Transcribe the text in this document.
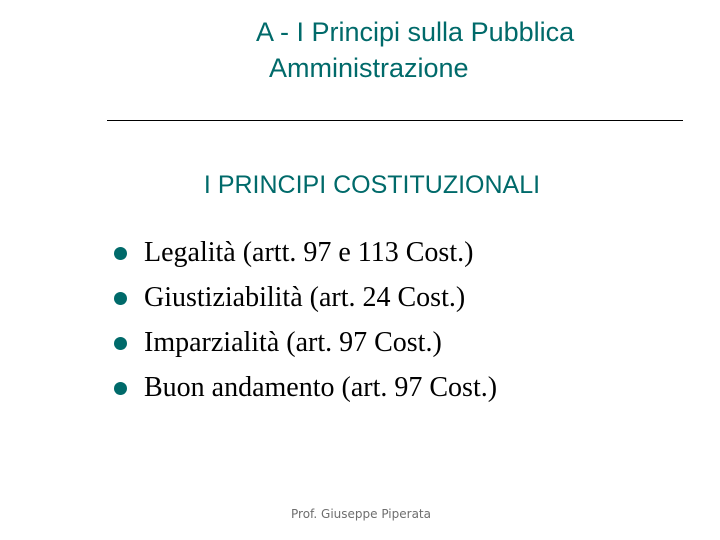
A - I Principi sulla Pubblica
Amministrazione
I PRINCIPI COSTITUZIONALI
Legalità (artt. 97 e 113 Cost.)
Giustiziabilità (art. 24 Cost.)
Imparzialità (art. 97 Cost.)
Buon andamento (art. 97 Cost.)
Prof. Giuseppe Piperata
